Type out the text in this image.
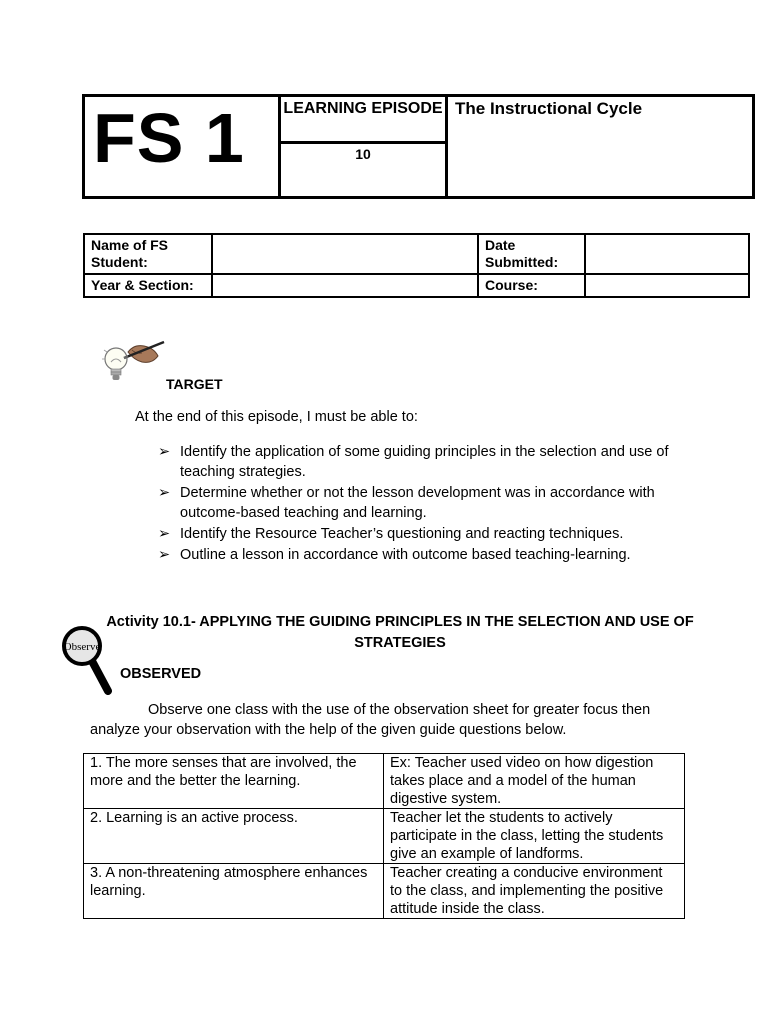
FS 1	LEARNING EPISODE
10
The Instructional Cycle
Name of FS Student:		Date Submitted:	
Year & Section:		Course:	
TARGET
At the end of this episode, I must be able to:
➢ Identify the application of some guiding principles in the selection and use of teaching strategies.
➢ Determine whether or not the lesson development was in accordance with outcome-based teaching and learning.
➢ Identify the Resource Teacher’s questioning and reacting techniques.
➢ Outline a lesson in accordance with outcome based teaching-learning.
Activity 10.1- APPLYING THE GUIDING PRINCIPLES IN THE SELECTION AND USE OF STRATEGIES
Observe
OBSERVED
Observe one class with the use of the observation sheet for greater focus then analyze your observation with the help of the given guide questions below.
1. The more senses that are involved, the more and the better the learning.	Ex: Teacher used video on how digestion takes place and a model of the human digestive system.
2. Learning is an active process.	Teacher let the students to actively participate in the class, letting the students give an example of landforms.
3. A non-threatening atmosphere enhances learning.	Teacher creating a conducive environment to the class, and implementing the positive attitude inside the class.
